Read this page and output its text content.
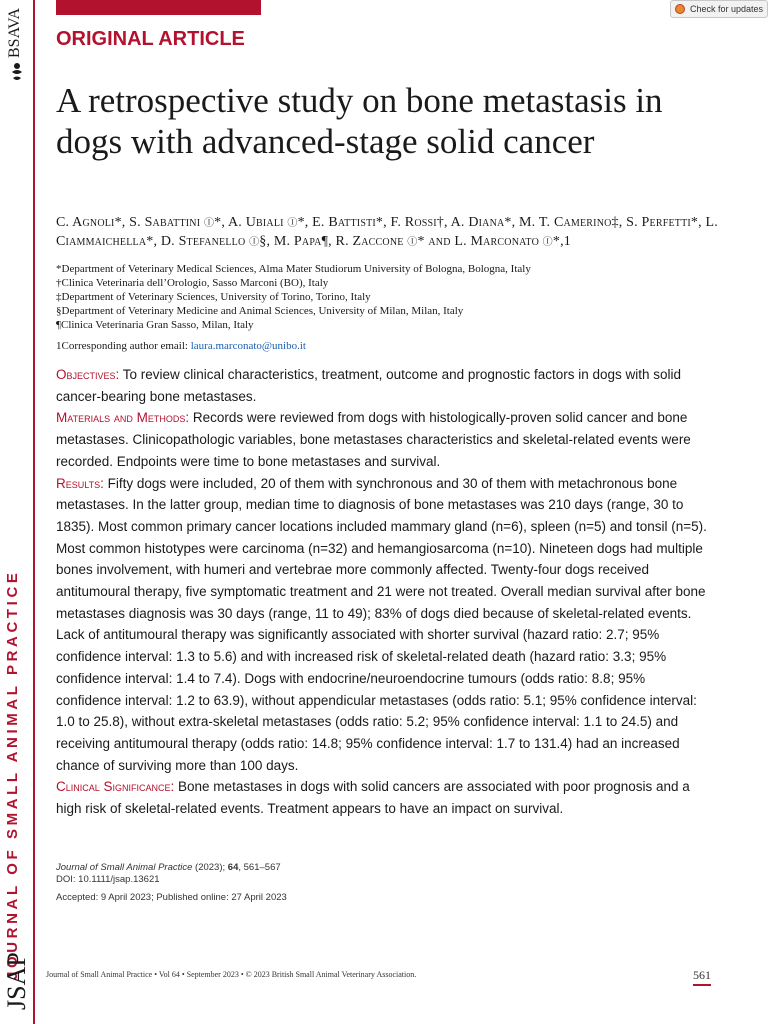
BSAVA
JOURNAL OF SMALL ANIMAL PRACTICE
JSAP
Check for updates
ORIGINAL ARTICLE
A retrospective study on bone metastasis in dogs with advanced-stage solid cancer
C. Agnoli*, S. Sabattini ⓘ*, A. Ubiali ⓘ*, E. Battisti*, F. Rossi†, A. Diana*, M. T. Camerino‡, S. Perfetti*, L. Ciammaichella*, D. Stefanello ⓘ§, M. Papa¶, R. Zaccone ⓘ* and L. Marconato ⓘ*,1
*Department of Veterinary Medical Sciences, Alma Mater Studiorum University of Bologna, Bologna, Italy
†Clinica Veterinaria dell’Orologio, Sasso Marconi (BO), Italy
‡Department of Veterinary Sciences, University of Torino, Torino, Italy
§Department of Veterinary Medicine and Animal Sciences, University of Milan, Milan, Italy
¶Clinica Veterinaria Gran Sasso, Milan, Italy
1Corresponding author email: laura.marconato@unibo.it

Objectives: To review clinical characteristics, treatment, outcome and prognostic factors in dogs with solid cancer-bearing bone metastases.

Materials and Methods: Records were reviewed from dogs with histologically-proven solid cancer and bone metastases. Clinicopathologic variables, bone metastases characteristics and skeletal-related events were recorded. Endpoints were time to bone metastases and survival.

Results: Fifty dogs were included, 20 of them with synchronous and 30 of them with metachronous bone metastases. In the latter group, median time to diagnosis of bone metastases was 210 days (range, 30 to 1835). Most common primary cancer locations included mammary gland (n=6), spleen (n=5) and tonsil (n=5). Most common histotypes were carcinoma (n=32) and hemangiosarcoma (n=10). Nineteen dogs had multiple bones involvement, with humeri and vertebrae more commonly affected. Twenty-four dogs received antitumoural therapy, five symptomatic treatment and 21 were not treated. Overall median survival after bone metastases diagnosis was 30 days (range, 11 to 49); 83% of dogs died because of skeletal-related events. Lack of antitumoural therapy was significantly associated with shorter survival (hazard ratio: 2.7; 95% confidence interval: 1.3 to 5.6) and with increased risk of skeletal-related death (hazard ratio: 3.3; 95% confidence interval: 1.4 to 7.4). Dogs with endocrine/neuroendocrine tumours (odds ratio: 8.8; 95% confidence interval: 1.2 to 63.9), without appendicular metastases (odds ratio: 5.1; 95% confidence interval: 1.0 to 25.8), without extra-skeletal metastases (odds ratio: 5.2; 95% confidence interval: 1.1 to 24.5) and receiving antitumoural therapy (odds ratio: 14.8; 95% confidence interval: 1.7 to 131.4) had an increased chance of surviving more than 100 days.

Clinical Significance: Bone metastases in dogs with solid cancers are associated with poor prognosis and a high risk of skeletal-related events. Treatment appears to have an impact on survival.

Journal of Small Animal Practice (2023); 64, 561–567
DOI: 10.1111/jsap.13621
Accepted: 9 April 2023; Published online: 27 April 2023
Journal of Small Animal Practice • Vol 64 • September 2023 • © 2023 British Small Animal Veterinary Association.	561
